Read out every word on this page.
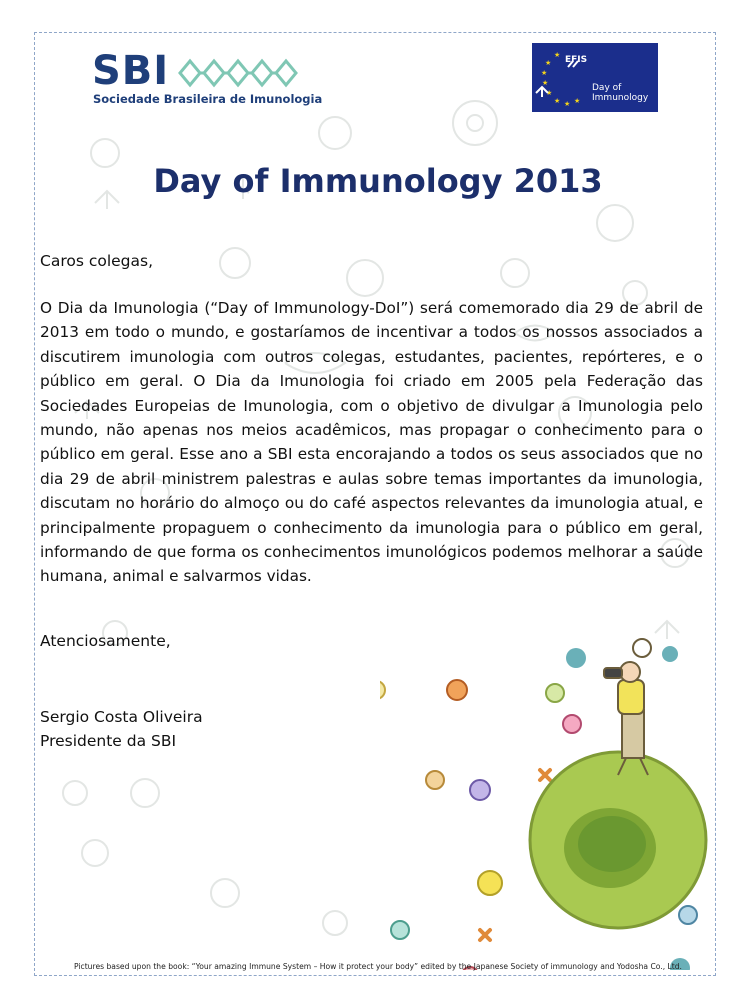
SBI
Sociedade Brasileira de Imunologia
★
★
★
★
★
★ ★ ★
EFIS
Day of Immunology
Day of Immunology 2013
Caros colegas,
O Dia da Imunologia (“Day of Immunology-DoI”) será comemorado dia 29 de abril de 2013 em todo o mundo, e gostaríamos de incentivar a todos os nossos associados a discutirem imunologia com outros colegas, estudantes, pacientes, repórteres, e o público em geral. O Dia da Imunologia foi criado em 2005 pela Federação das Sociedades Europeias de Imunologia, com o objetivo de divulgar a Imunologia pelo mundo, não apenas nos meios acadêmicos, mas propagar o conhecimento para o público em geral. Esse ano a SBI esta encorajando a todos os seus associados que no dia 29 de abril ministrem palestras e aulas sobre temas importantes da imunologia, discutam no horário do almoço ou do café aspectos relevantes da imunologia atual, e principalmente propaguem o conhecimento da imunologia para o público em geral, informando de que forma os conhecimentos imunológicos podemos melhorar a saúde humana, animal e salvarmos vidas.
Atenciosamente,
Sergio Costa Oliveira
Presidente da SBI
Pictures based upon the book: “Your amazing Immune System – How it protect your body” edited by the Japanese Society of immunology and Yodosha Co., Ltd.
